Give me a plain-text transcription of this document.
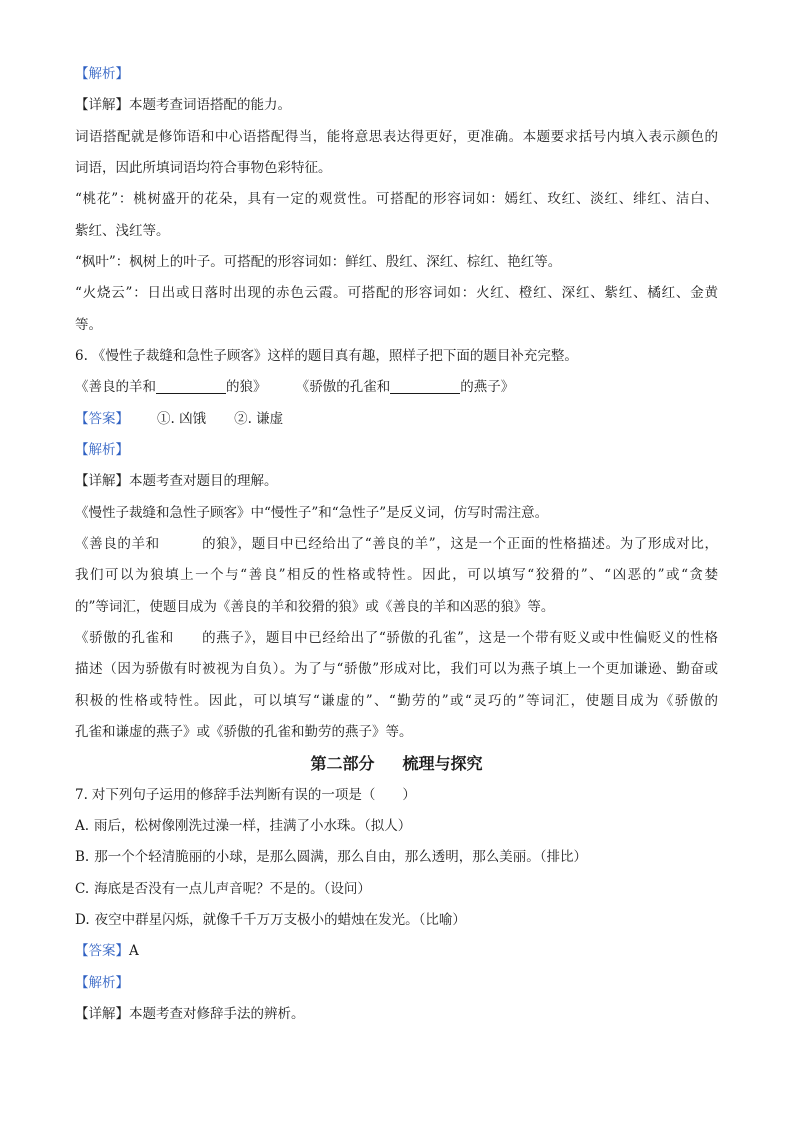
【解析】
【详解】本题考查词语搭配的能力。
词语搭配就是修饰语和中心语搭配得当，能将意思表达得更好，更准确。本题要求括号内填入表示颜色的
词语，因此所填词语均符合事物色彩特征。
“桃花”：桃树盛开的花朵，具有一定的观赏性。可搭配的形容词如：嫣红、玫红、淡红、绯红、洁白、
紫红、浅红等。
“枫叶”：枫树上的叶子。可搭配的形容词如：鲜红、殷红、深红、棕红、艳红等。
“火烧云”：日出或日落时出现的赤色云霞。可搭配的形容词如：火红、橙红、深红、紫红、橘红、金黄
等。
6. 《慢性子裁缝和急性子顾客》这样的题目真有趣，照样子把下面的题目补充完整。
《善良的羊和	的狼》	《骄傲的孔雀和	的燕子》
【答案】 ①. 凶饿 ②. 谦虚
【解析】
【详解】本题考查对题目的理解。
《慢性子裁缝和急性子顾客》中“慢性子”和“急性子”是反义词，仿写时需注意。
《善良的羊和　　　的狼》，题目中已经给出了“善良的羊”，这是一个正面的性格描述。为了形成对比，
我们可以为狼填上一个与“善良”相反的性格或特性。因此，可以填写“狡猾的”、“凶恶的”或“贪婪
的”等词汇，使题目成为《善良的羊和狡猾的狼》或《善良的羊和凶恶的狼》等。
《骄傲的孔雀和　　的燕子》，题目中已经给出了“骄傲的孔雀”，这是一个带有贬义或中性偏贬义的性格
描述（因为骄傲有时被视为自负）。为了与“骄傲”形成对比，我们可以为燕子填上一个更加谦逊、勤奋或
积极的性格或特性。因此，可以填写“谦虚的”、“勤劳的”或“灵巧的”等词汇，使题目成为《骄傲的
孔雀和谦虚的燕子》或《骄傲的孔雀和勤劳的燕子》等。
第二部分 梳理与探究
7. 对下列句子运用的修辞手法判断有误的一项是（　　）
A. 雨后，松树像刚洗过澡一样，挂满了小水珠。（拟人）
B. 那一个个轻清脆丽的小球，是那么圆满，那么自由，那么透明，那么美丽。（排比）
C. 海底是否没有一点儿声音呢？不是的。（设问）
D. 夜空中群星闪烁，就像千千万万支极小的蜡烛在发光。（比喻）
【答案】A
【解析】
【详解】本题考查对修辞手法的辨析。
